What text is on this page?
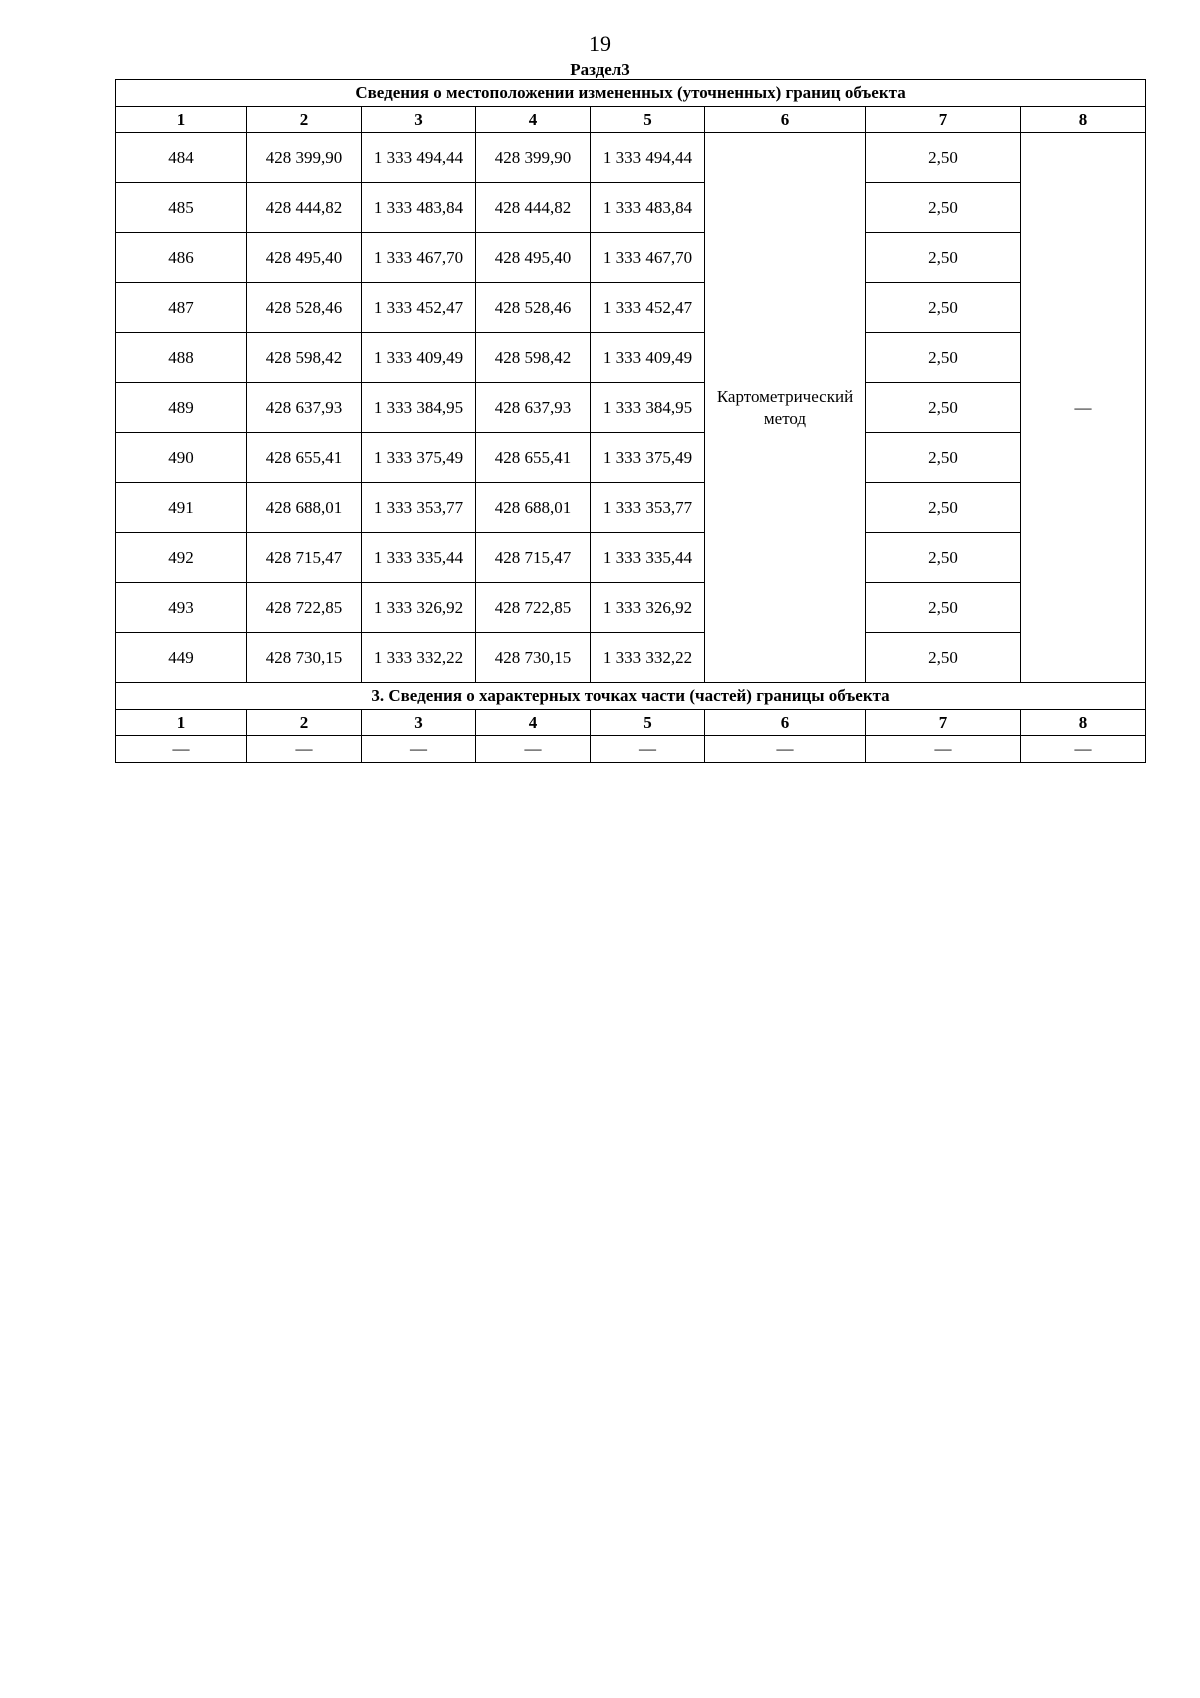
19
Раздел3
Сведения о местоположении измененных (уточненных) границ объекта							
1	2	3	4	5	6	7	8
484	428 399,90	1 333 494,44	428 399,90	1 333 494,44	Картометрический метод	2,50	—
485	428 444,82	1 333 483,84	428 444,82	1 333 483,84		2,50	
486	428 495,40	1 333 467,70	428 495,40	1 333 467,70		2,50	
487	428 528,46	1 333 452,47	428 528,46	1 333 452,47		2,50	
488	428 598,42	1 333 409,49	428 598,42	1 333 409,49		2,50	
489	428 637,93	1 333 384,95	428 637,93	1 333 384,95		2,50	
490	428 655,41	1 333 375,49	428 655,41	1 333 375,49		2,50	
491	428 688,01	1 333 353,77	428 688,01	1 333 353,77		2,50	
492	428 715,47	1 333 335,44	428 715,47	1 333 335,44		2,50	
493	428 722,85	1 333 326,92	428 722,85	1 333 326,92		2,50	
449	428 730,15	1 333 332,22	428 730,15	1 333 332,22		2,50	
3. Сведения о характерных точках части (частей) границы объекта							
1	2	3	4	5	6	7	8
—	—	—	—	—	—	—	—
